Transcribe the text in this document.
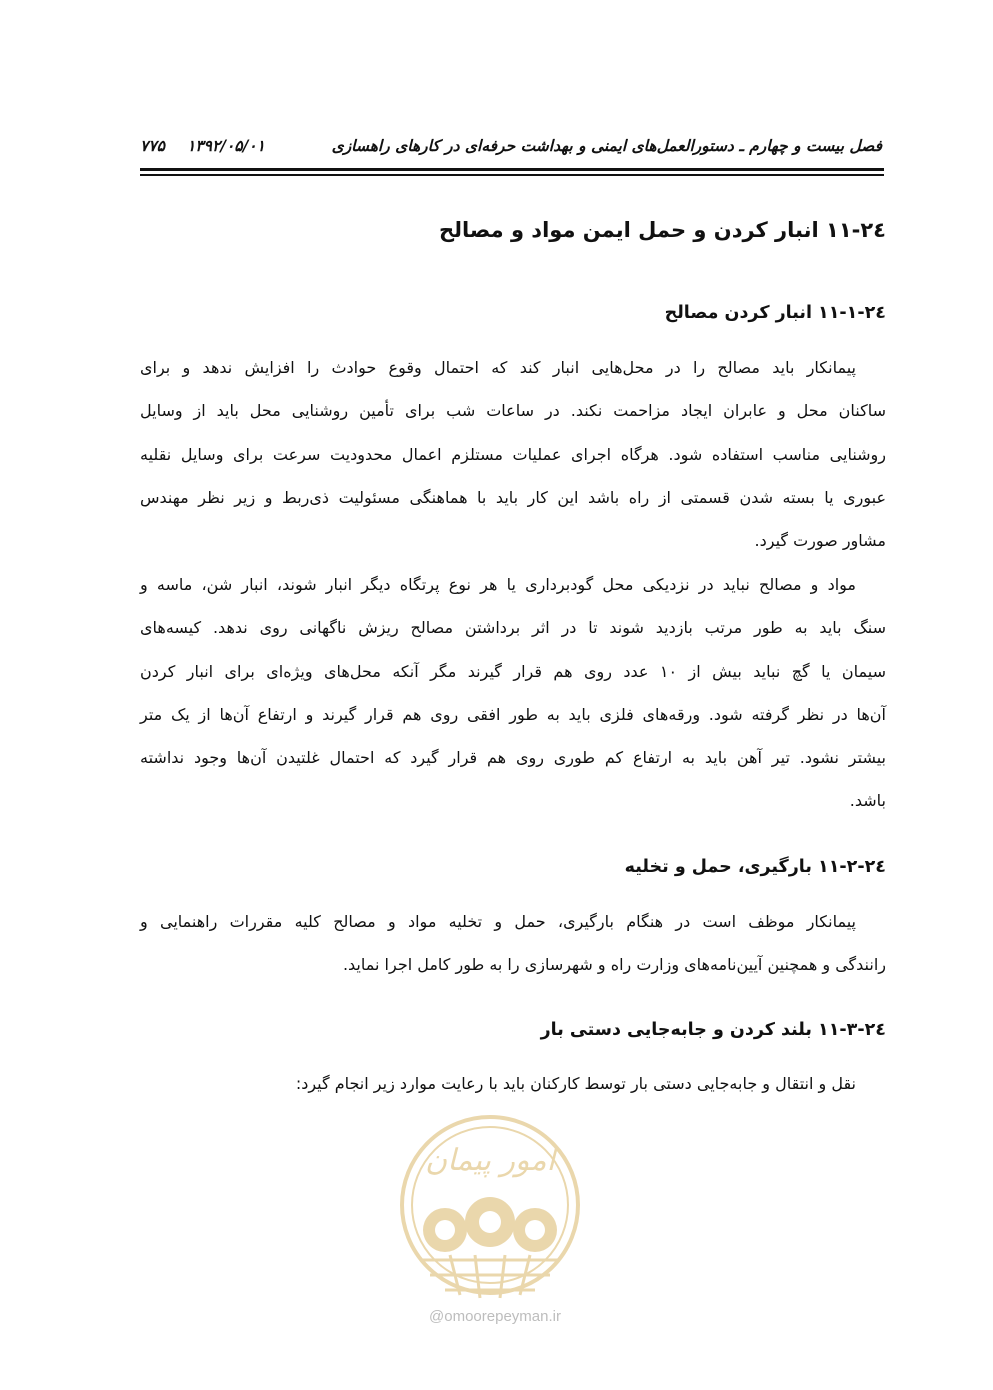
فصل بیست و چهارم ـ دستورالعمل‌های ایمنی و بهداشت حرفه‌ای در کارهای راهسازی
۱۳۹۲/۰۵/۰۱
۷۷۵
۲٤-۱۱ انبار کردن و حمل ایمن مواد و مصالح
۲٤-۱۱-۱ انبار کردن مصالح
پیمانکار باید مصالح را در محل‌هایی انبار کند که احتمال وقوع حوادث را افزایش ندهد و برای
ساکنان محل و عابران ایجاد مزاحمت نکند. در ساعات شب برای تأمین روشنایی محل باید از وسایل
روشنایی مناسب استفاده شود. هرگاه اجرای عملیات مستلزم اعمال محدودیت سرعت برای وسایل نقلیه
عبوری یا بسته شدن قسمتی از راه باشد این کار باید با هماهنگی مسئولیت ذی‌ربط و زیر نظر مهندس
مشاور صورت گیرد.
مواد و مصالح نباید در نزدیکی محل گودبرداری یا هر نوع پرتگاه دیگر انبار شوند، انبار شن، ماسه و
سنگ باید به طور مرتب بازدید شوند تا در اثر برداشتن مصالح ریزش ناگهانی روی ندهد. کیسه‌های
سیمان یا گچ نباید بیش از ۱۰ عدد روی هم قرار گیرند مگر آنکه محل‌های ویژه‌ای برای انبار کردن
آن‌ها در نظر گرفته شود. ورقه‌های فلزی باید به طور افقی روی هم قرار گیرند و ارتفاع آن‌ها از یک متر
بیشتر نشود. تیر آهن باید به ارتفاع کم طوری روی هم قرار گیرد که احتمال غلتیدن آن‌ها وجود نداشته
باشد.
۲٤-۱۱-۲ بارگیری، حمل و تخلیه
پیمانکار موظف است در هنگام بارگیری، حمل و تخلیه مواد و مصالح کلیه مقررات راهنمایی و
رانندگی و همچنین آیین‌نامه‌های وزارت راه و شهرسازی را به طور کامل اجرا نماید.
۲٤-۱۱-۳ بلند کردن و جابه‌جایی دستی بار
نقل و انتقال و جابه‌جایی دستی بار توسط کارکنان باید با رعایت موارد زیر انجام گیرد:
امور پیمان
@omoorepeyman.ir
